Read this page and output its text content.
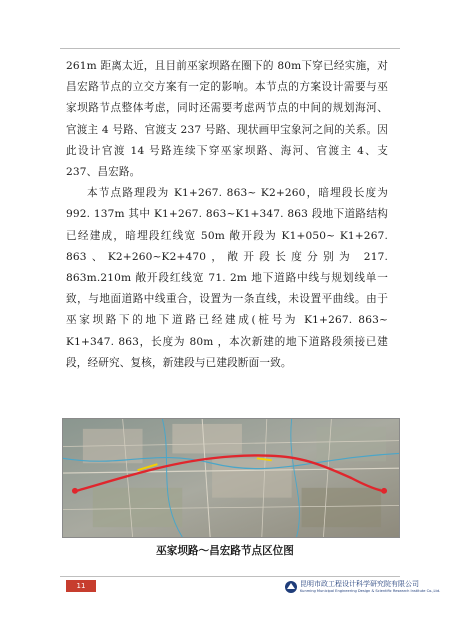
261m 距离太近，且目前巫家坝路在圈下的 80m下穿已经实施，对昌宏路节点的立交方案有一定的影响。本节点的方案设计需要与巫家坝路节点整体考虑，同时还需要考虑两节点的中间的规划海河、官渡主 4 号路、官渡支 237 号路、现状画甲宝象河之间的关系。因此设计官渡 14 号路连续下穿巫家坝路、海河、官渡主 4、支 237、昌宏路。

本节点路理段为 K1+267. 863~ K2+260，暗埋段长度为 992. 137m 其中 K1+267. 863~K1+347. 863 段地下道路结构已经建成，暗埋段红线宽 50m 敞开段为 K1+050~ K1+267. 863、K2+260~K2+470，敞开段长度分别为 217. 863m.210m 敞开段红线宽 71. 2m 地下道路中线与规划线单一致，与地面道路中线重合，设置为一条直线，未设置平曲线。由于巫家坝路下的地下道路已经建成(桩号为 K1+267. 863~ K1+347. 863，长度为 80m ，本次新建的地下道路段须接已建段，经研究、复核，新建段与已建段断面一致。

巫家坝路～昌宏路节点区位图
11	昆明市政工程设计科学研究院有限公司
Kunming Municipal Engineering Design & Scientific Research Institute Co.,Ltd.
